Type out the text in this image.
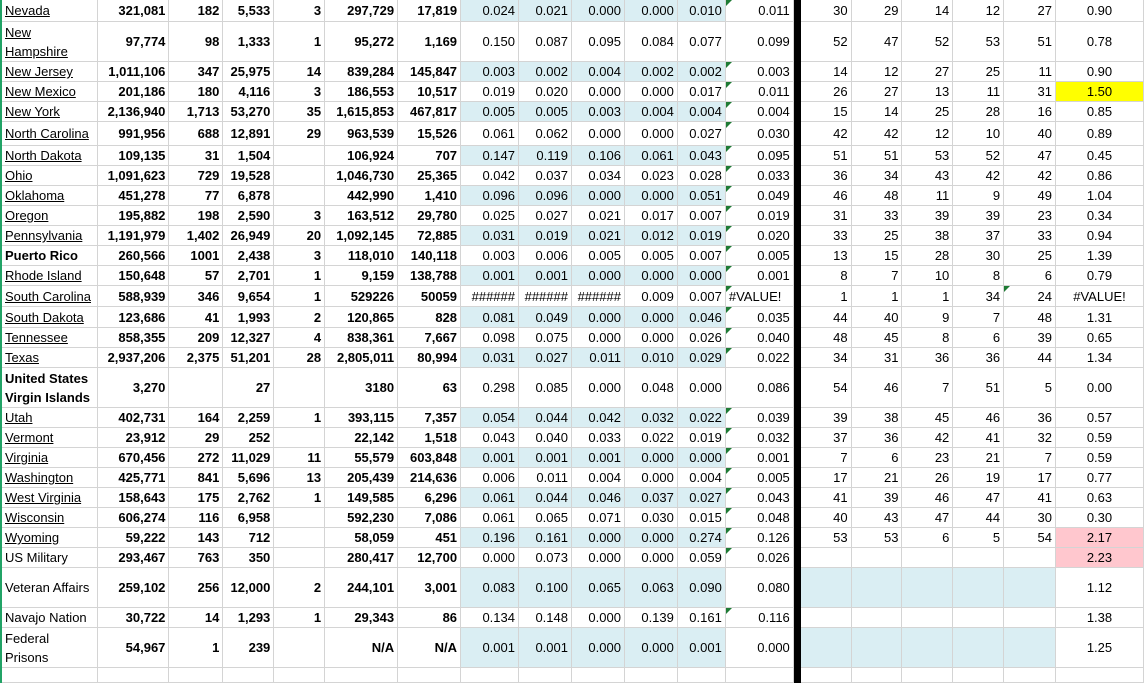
Nevada	321,081	182	5,533	3	297,729	17,819	0.024	0.021	0.000	0.000	0.010	0.011		30	29	14	12	27	0.90
New Hampshire	97,774	98	1,333	1	95,272	1,169	0.150	0.087	0.095	0.084	0.077	0.099		52	47	52	53	51	0.78
New Jersey	1,011,106	347	25,975	14	839,284	145,847	0.003	0.002	0.004	0.002	0.002	0.003		14	12	27	25	11	0.90
New Mexico	201,186	180	4,116	3	186,553	10,517	0.019	0.020	0.000	0.000	0.017	0.011		26	27	13	11	31	1.50
New York	2,136,940	1,713	53,270	35	1,615,853	467,817	0.005	0.005	0.003	0.004	0.004	0.004		15	14	25	28	16	0.85
North Carolina	991,956	688	12,891	29	963,539	15,526	0.061	0.062	0.000	0.000	0.027	0.030		42	42	12	10	40	0.89
North Dakota	109,135	31	1,504		106,924	707	0.147	0.119	0.106	0.061	0.043	0.095		51	51	53	52	47	0.45
Ohio	1,091,623	729	19,528		1,046,730	25,365	0.042	0.037	0.034	0.023	0.028	0.033		36	34	43	42	42	0.86
Oklahoma	451,278	77	6,878		442,990	1,410	0.096	0.096	0.000	0.000	0.051	0.049		46	48	11	9	49	1.04
Oregon	195,882	198	2,590	3	163,512	29,780	0.025	0.027	0.021	0.017	0.007	0.019		31	33	39	39	23	0.34
Pennsylvania	1,191,979	1,402	26,949	20	1,092,145	72,885	0.031	0.019	0.021	0.012	0.019	0.020		33	25	38	37	33	0.94
Puerto Rico	260,566	1001	2,438	3	118,010	140,118	0.003	0.006	0.005	0.005	0.007	0.005		13	15	28	30	25	1.39
Rhode Island	150,648	57	2,701	1	9,159	138,788	0.001	0.001	0.000	0.000	0.000	0.001		8	7	10	8	6	0.79
South Carolina	588,939	346	9,654	1	529226	50059	######	######	######	0.009	0.007	#VALUE!		1	1	1	34	24	#VALUE!
South Dakota	123,686	41	1,993	2	120,865	828	0.081	0.049	0.000	0.000	0.046	0.035		44	40	9	7	48	1.31
Tennessee	858,355	209	12,327	4	838,361	7,667	0.098	0.075	0.000	0.000	0.026	0.040		48	45	8	6	39	0.65
Texas	2,937,206	2,375	51,201	28	2,805,011	80,994	0.031	0.027	0.011	0.010	0.029	0.022		34	31	36	36	44	1.34
United States Virgin Islands	3,270		27		3180	63	0.298	0.085	0.000	0.048	0.000	0.086		54	46	7	51	5	0.00
Utah	402,731	164	2,259	1	393,115	7,357	0.054	0.044	0.042	0.032	0.022	0.039		39	38	45	46	36	0.57
Vermont	23,912	29	252		22,142	1,518	0.043	0.040	0.033	0.022	0.019	0.032		37	36	42	41	32	0.59
Virginia	670,456	272	11,029	11	55,579	603,848	0.001	0.001	0.001	0.000	0.000	0.001		7	6	23	21	7	0.59
Washington	425,771	841	5,696	13	205,439	214,636	0.006	0.011	0.004	0.000	0.004	0.005		17	21	26	19	17	0.77
West Virginia	158,643	175	2,762	1	149,585	6,296	0.061	0.044	0.046	0.037	0.027	0.043		41	39	46	47	41	0.63
Wisconsin	606,274	116	6,958		592,230	7,086	0.061	0.065	0.071	0.030	0.015	0.048		40	43	47	44	30	0.30
Wyoming	59,222	143	712		58,059	451	0.196	0.161	0.000	0.000	0.274	0.126		53	53	6	5	54	2.17
US Military	293,467	763	350		280,417	12,700	0.000	0.073	0.000	0.000	0.059	0.026							2.23
Veteran Affairs	259,102	256	12,000	2	244,101	3,001	0.083	0.100	0.065	0.063	0.090	0.080							1.12
Navajo Nation	30,722	14	1,293	1	29,343	86	0.134	0.148	0.000	0.139	0.161	0.116							1.38
Federal Prisons	54,967	1	239		N/A	N/A	0.001	0.001	0.000	0.000	0.001	0.000							1.25
